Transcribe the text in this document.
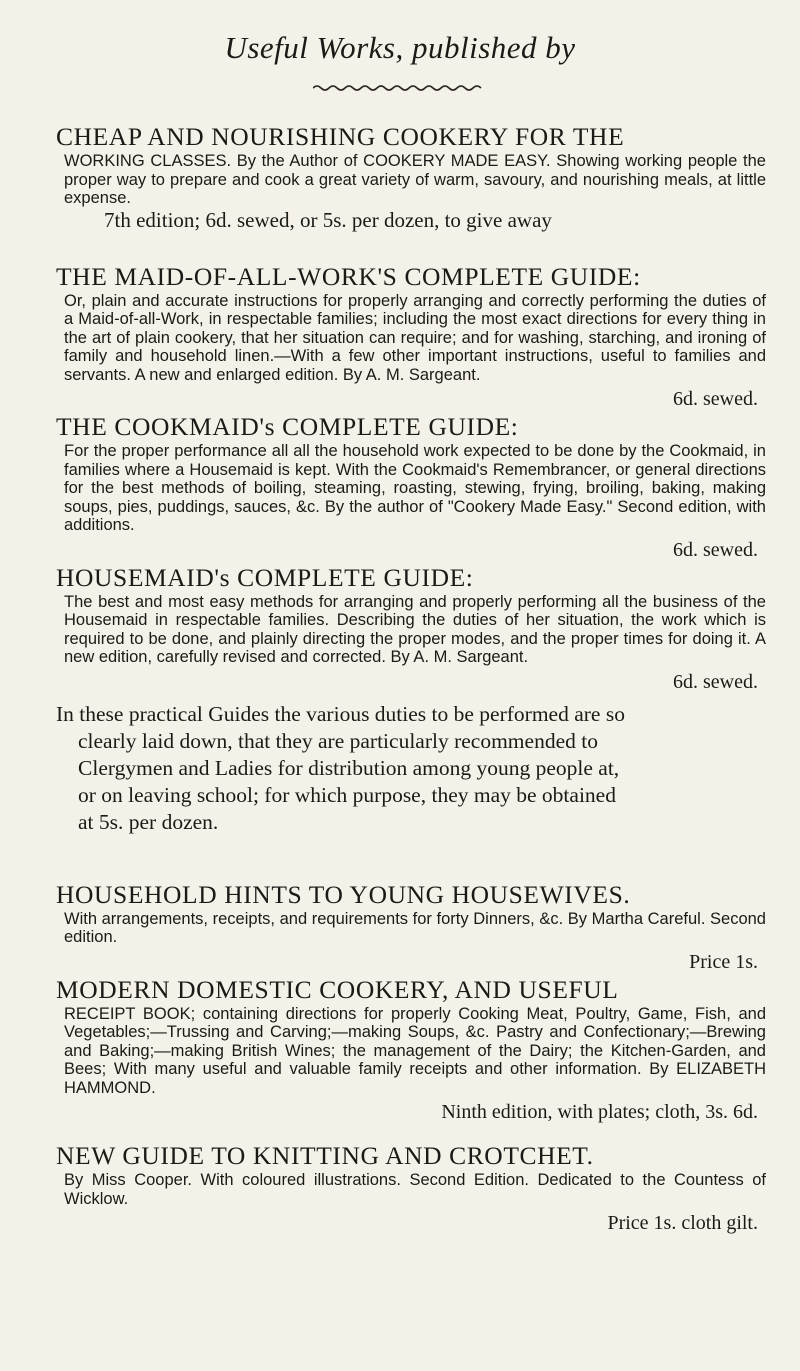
Useful Works, published by
CHEAP AND NOURISHING COOKERY FOR THE
WORKING CLASSES. By the Author of COOKERY MADE EASY. Showing working people the proper way to prepare and cook a great variety of warm, savoury, and nourishing meals, at little expense.
7th edition; 6d. sewed, or 5s. per dozen, to give away
THE MAID-OF-ALL-WORK'S COMPLETE GUIDE:
Or, plain and accurate instructions for properly arranging and correctly performing the duties of a Maid-of-all-Work, in respectable families; including the most exact directions for every thing in the art of plain cookery, that her situation can require; and for washing, starching, and ironing of family and household linen.—With a few other important instructions, useful to families and servants. A new and enlarged edition. By A. M. Sargeant.
6d. sewed.
THE COOKMAID's COMPLETE GUIDE:
For the proper performance all all the household work expected to be done by the Cookmaid, in families where a Housemaid is kept. With the Cookmaid's Remembrancer, or general directions for the best methods of boiling, steaming, roasting, stewing, frying, broiling, baking, making soups, pies, puddings, sauces, &c. By the author of "Cookery Made Easy." Second edition, with additions.
6d. sewed.
HOUSEMAID's COMPLETE GUIDE:
The best and most easy methods for arranging and properly performing all the business of the Housemaid in respectable families. Describing the duties of her situation, the work which is required to be done, and plainly directing the proper modes, and the proper times for doing it. A new edition, carefully revised and corrected. By A. M. Sargeant.
6d. sewed.
In these practical Guides the various duties to be performed are so
clearly laid down, that they are particularly recommended to
Clergymen and Ladies for distribution among young people at,
or on leaving school; for which purpose, they may be obtained
at 5s. per dozen.
HOUSEHOLD HINTS TO YOUNG HOUSEWIVES.
With arrangements, receipts, and requirements for forty Dinners, &c. By Martha Careful. Second edition.
Price 1s.
MODERN DOMESTIC COOKERY, AND USEFUL
RECEIPT BOOK; containing directions for properly Cooking Meat, Poultry, Game, Fish, and Vegetables;—Trussing and Carving;—making Soups, &c. Pastry and Confectionary;—Brewing and Baking;—making British Wines; the management of the Dairy; the Kitchen-Garden, and Bees; With many useful and valuable family receipts and other information. By ELIZABETH HAMMOND.
Ninth edition, with plates; cloth, 3s. 6d.
NEW GUIDE TO KNITTING AND CROTCHET.
By Miss Cooper. With coloured illustrations. Second Edition. Dedicated to the Countess of Wicklow.
Price 1s. cloth gilt.
